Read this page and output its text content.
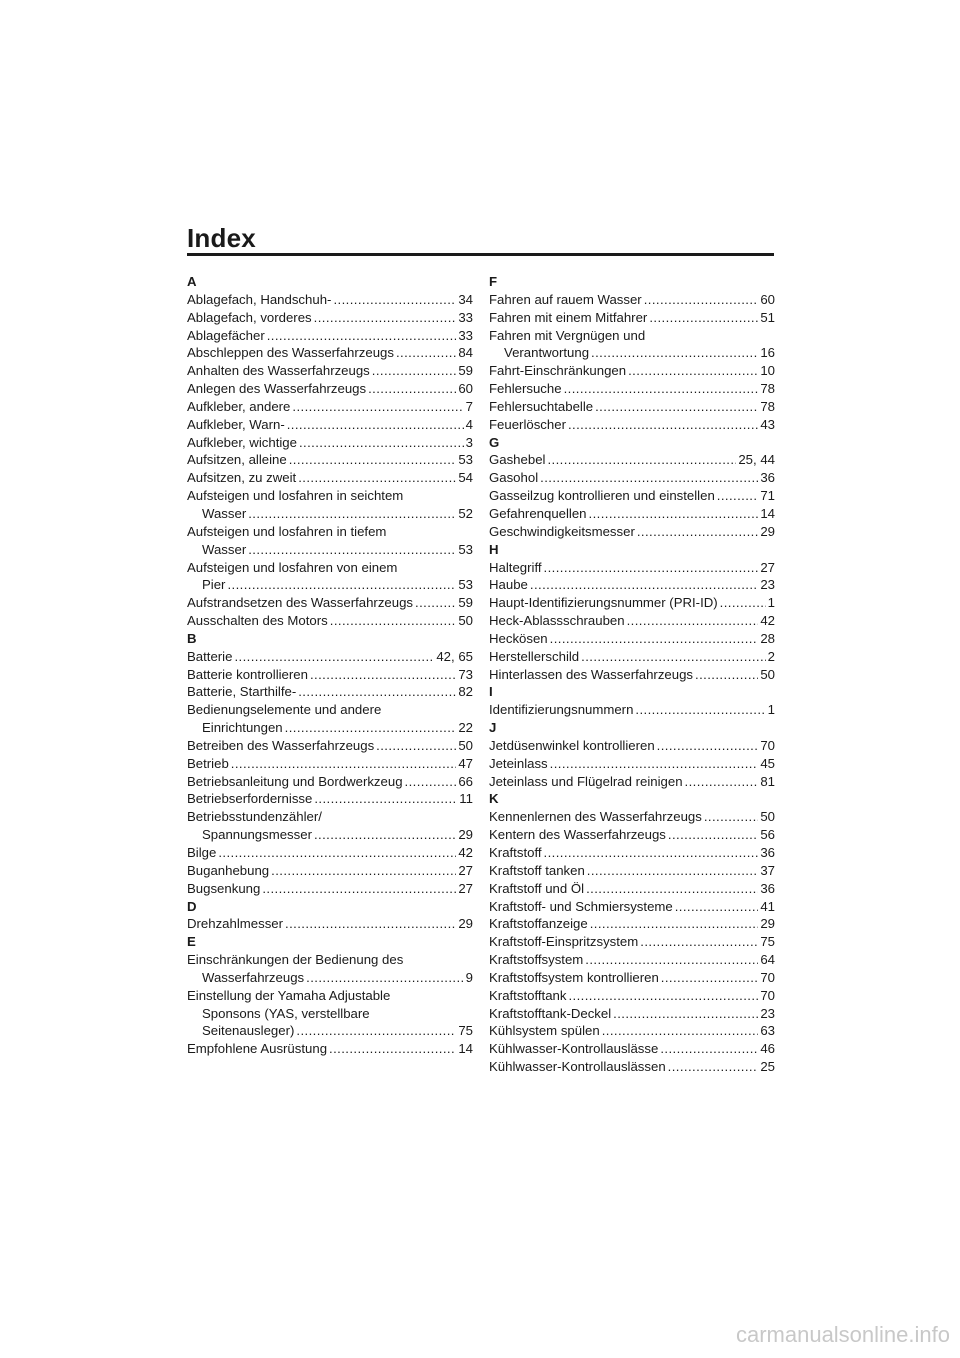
Index
A
Ablagefach, Handschuh- .....	34
Ablagefach, vorderes .....	33
Ablagefächer .....	33
Abschleppen des Wasserfahrzeugs .....	84
Anhalten des Wasserfahrzeugs .....	59
Anlegen des Wasserfahrzeugs .....	60
Aufkleber, andere .....	7
Aufkleber, Warn- .....	4
Aufkleber, wichtige .....	3
Aufsitzen, alleine .....	53
Aufsitzen, zu zweit .....	54
Aufsteigen und losfahren in seichtem
Wasser .....	52
Aufsteigen und losfahren in tiefem
Wasser .....	53
Aufsteigen und losfahren von einem
Pier .....	53
Aufstrandsetzen des Wasserfahrzeugs .....	59
Ausschalten des Motors .....	50
B
Batterie .....	42, 65
Batterie kontrollieren .....	73
Batterie, Starthilfe- .....	82
Bedienungselemente und andere
Einrichtungen .....	22
Betreiben des Wasserfahrzeugs .....	50
Betrieb .....	47
Betriebsanleitung und Bordwerkzeug .....	66
Betriebserfordernisse .....	11
Betriebsstundenzähler/
Spannungsmesser .....	29
Bilge .....	42
Buganhebung .....	27
Bugsenkung .....	27
D
Drehzahlmesser .....	29
E
Einschränkungen der Bedienung des
Wasserfahrzeugs .....	9
Einstellung der Yamaha Adjustable
Sponsons (YAS, verstellbare
Seitenausleger) .....	75
Empfohlene Ausrüstung .....	14
F
Fahren auf rauem Wasser .....	60
Fahren mit einem Mitfahrer .....	51
Fahren mit Vergnügen und
Verantwortung .....	16
Fahrt-Einschränkungen .....	10
Fehlersuche .....	78
Fehlersuchtabelle .....	78
Feuerlöscher .....	43
G
Gashebel .....	25, 44
Gasohol .....	36
Gasseilzug kontrollieren und einstellen .....	71
Gefahrenquellen .....	14
Geschwindigkeitsmesser .....	29
H
Haltegriff .....	27
Haube .....	23
Haupt-Identifizierungsnummer (PRI-ID) .....	1
Heck-Ablassschrauben .....	42
Heckösen .....	28
Herstellerschild .....	2
Hinterlassen des Wasserfahrzeugs .....	50
I
Identifizierungsnummern .....	1
J
Jetdüsenwinkel kontrollieren .....	70
Jeteinlass .....	45
Jeteinlass und Flügelrad reinigen .....	81
K
Kennenlernen des Wasserfahrzeugs .....	50
Kentern des Wasserfahrzeugs .....	56
Kraftstoff .....	36
Kraftstoff tanken .....	37
Kraftstoff und Öl .....	36
Kraftstoff- und Schmiersysteme .....	41
Kraftstoffanzeige .....	29
Kraftstoff-Einspritzsystem .....	75
Kraftstoffsystem .....	64
Kraftstoffsystem kontrollieren .....	70
Kraftstofftank .....	70
Kraftstofftank-Deckel .....	23
Kühlsystem spülen .....	63
Kühlwasser-Kontrollauslässe .....	46
Kühlwasser-Kontrollauslässen .....	25
carmanualsonline.info
